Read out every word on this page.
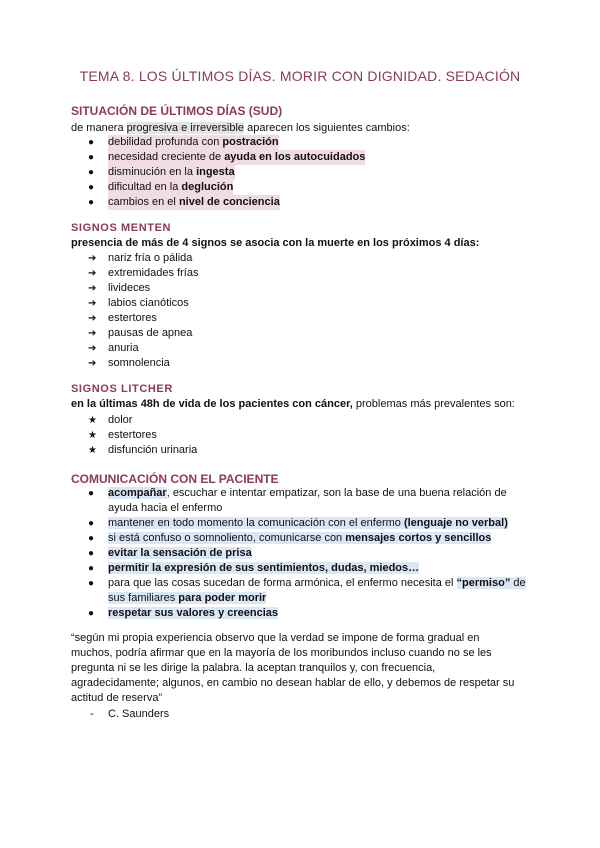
TEMA 8. LOS ÚLTIMOS DÍAS. MORIR CON DIGNIDAD. SEDACIÓN
SITUACIÓN DE ÚLTIMOS DÍAS (SUD)
de manera progresiva e irreversible aparecen los siguientes cambios:
●	debilidad profunda con postración
●	necesidad creciente de ayuda en los autocuidados
●	disminución en la ingesta
●	dificultad en la deglución
●	cambios en el nivel de conciencia
SIGNOS MENTEN
presencia de más de 4 signos se asocia con la muerte en los próximos 4 días:
➔	nariz fría o pálida
➔	extremidades frías
➔	livideces
➔	labios cianóticos
➔	estertores
➔	pausas de apnea
➔	anuria
➔	somnolencia
SIGNOS LITCHER
en la últimas 48h de vida de los pacientes con cáncer, problemas más prevalentes son:
★	dolor
★	estertores
★	disfunción urinaria
COMUNICACIÓN CON EL PACIENTE
●	acompañar, escuchar e intentar empatizar, son la base de una buena relación de ayuda hacia el enfermo
●	mantener en todo momento la comunicación con el enfermo (lenguaje no verbal)
●	si está confuso o somnoliento, comunicarse con mensajes cortos y sencillos
●	evitar la sensación de prisa
●	permitir la expresión de sus sentimientos, dudas, miedos…
●	para que las cosas sucedan de forma armónica, el enfermo necesita el “permiso” de sus familiares para poder morir
●	respetar sus valores y creencias
“según mi propia experiencia observo que la verdad se impone de forma gradual en muchos, podría afirmar que en la mayoría de los moribundos incluso cuando no se les pregunta ni se les dirige la palabra. la aceptan tranquilos y, con frecuencia, agradecidamente; algunos, en cambio no desean hablar de ello, y debemos de respetar su actitud de reserva”
- C. Saunders
